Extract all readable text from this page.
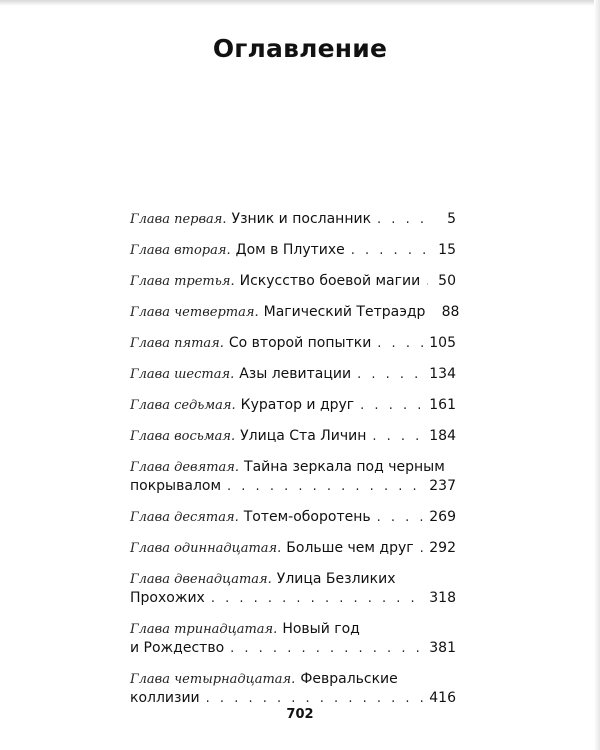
Оглавление
Глава первая . Узник и посланник . . .	5
Глава вторая . Дом в Плутихе . . .	15
Глава третья . Искусство боевой магии . . . 50
Глава четвертая . Магический Тетраэдр 88
Глава пятая . Со второй попытки . . .	105
Глава шестая . Азы левитации . . .	134
Глава седьмая . Куратор и друг . . .	161
Глава восьмая . Улица Ста Личин . . .	184
Глава девятая . Тайна зеркала под черным
покрывалом . . .	237
Глава десятая . Тотем-оборотень . . .	269
Глава одиннадцатая . Больше чем друг . . . 292
Глава двенадцатая . Улица Безликих
Прохожих . . .	318
Глава тринадцатая . Новый год
и Рождество . . .	381
Глава четырнадцатая . Февральские
коллизии . . .	416
702
